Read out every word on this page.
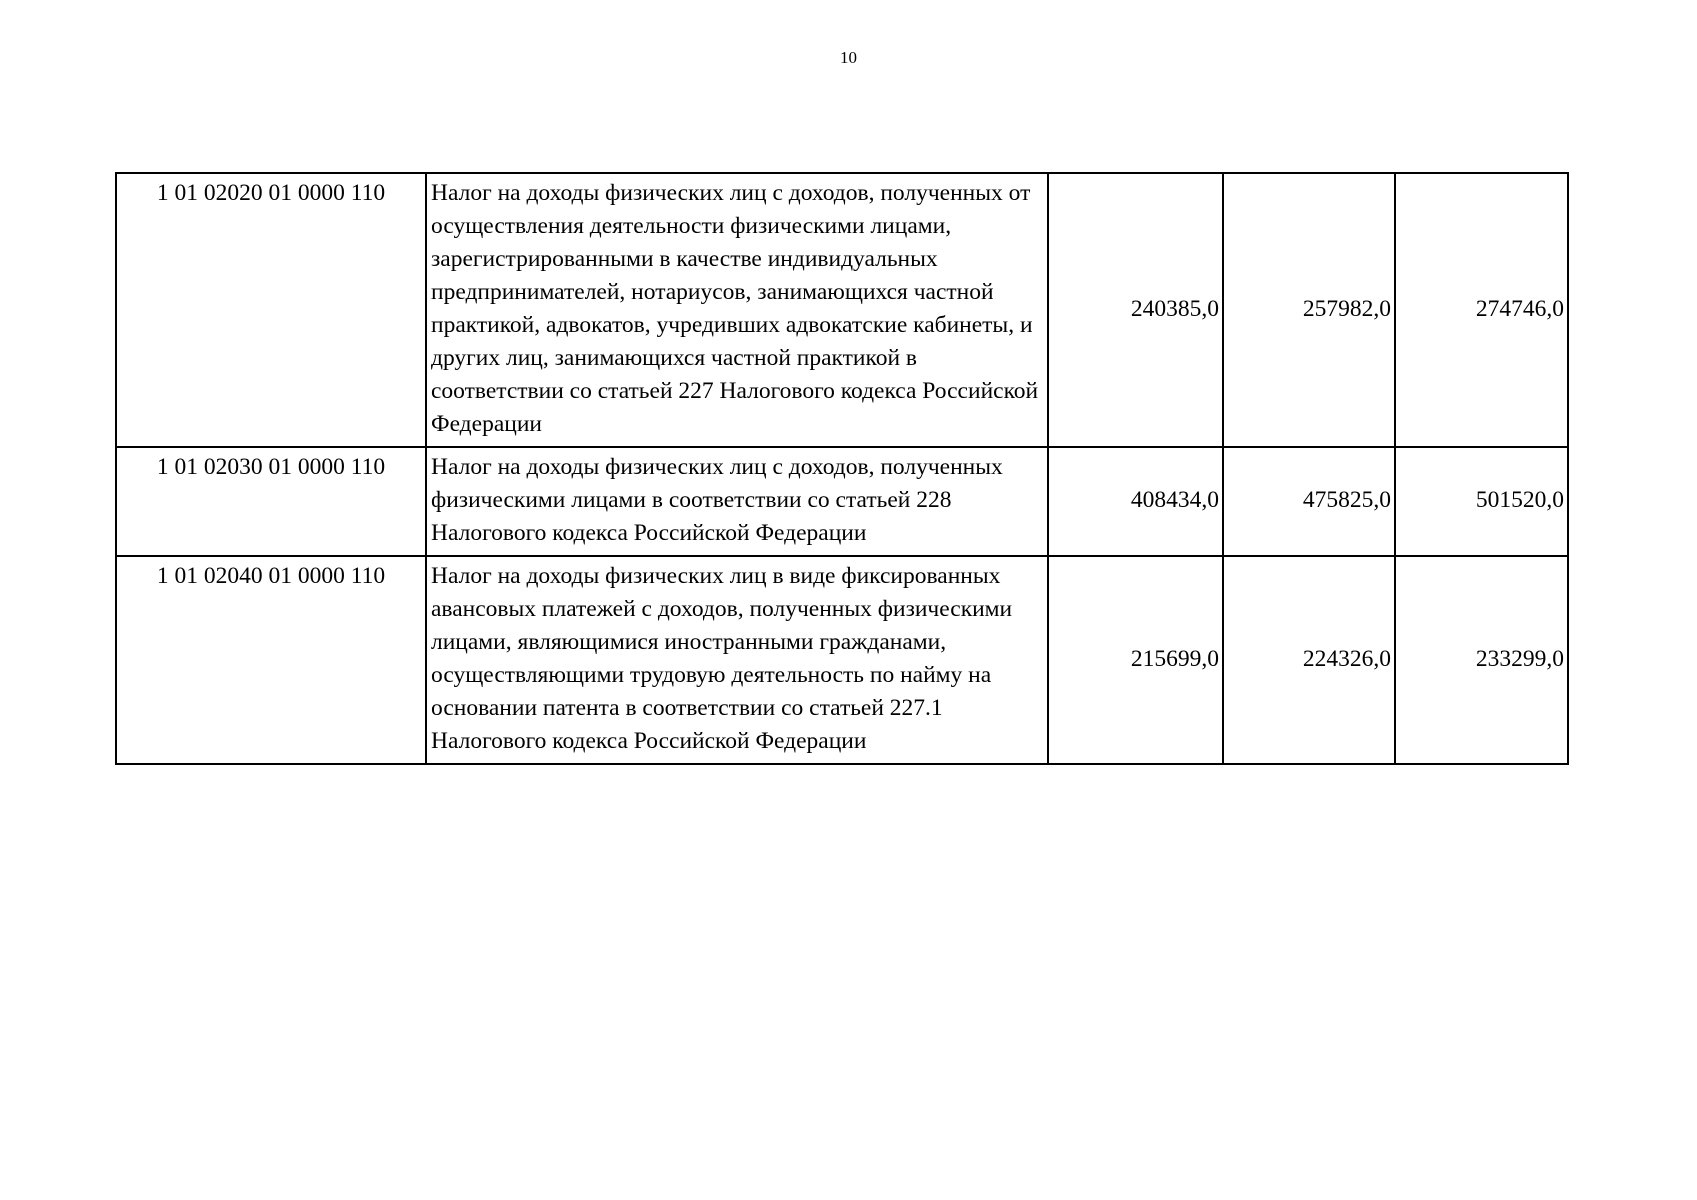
10
1 01 02020 01 0000 110	Налог на доходы физических лиц с доходов, полученных от осуществления деятельности физическими лицами, зарегистрированными в качестве индивидуальных предпринимателей, нотариусов, занимающихся частной практикой, адвокатов, учредивших адвокатские кабинеты, и других лиц, занимающихся частной практикой в соответствии со статьей 227 Налогового кодекса Российской Федерации	240385,0	257982,0	274746,0
1 01 02030 01 0000 110	Налог на доходы физических лиц с доходов, полученных физическими лицами в соответствии со статьей 228 Налогового кодекса Российской Федерации	408434,0	475825,0	501520,0
1 01 02040 01 0000 110	Налог на доходы физических лиц в виде фиксированных авансовых платежей с доходов, полученных физическими лицами, являющимися иностранными гражданами, осуществляющими трудовую деятельность по найму на основании патента в соответствии со статьей 227.1 Налогового кодекса Российской Федерации	215699,0	224326,0	233299,0
